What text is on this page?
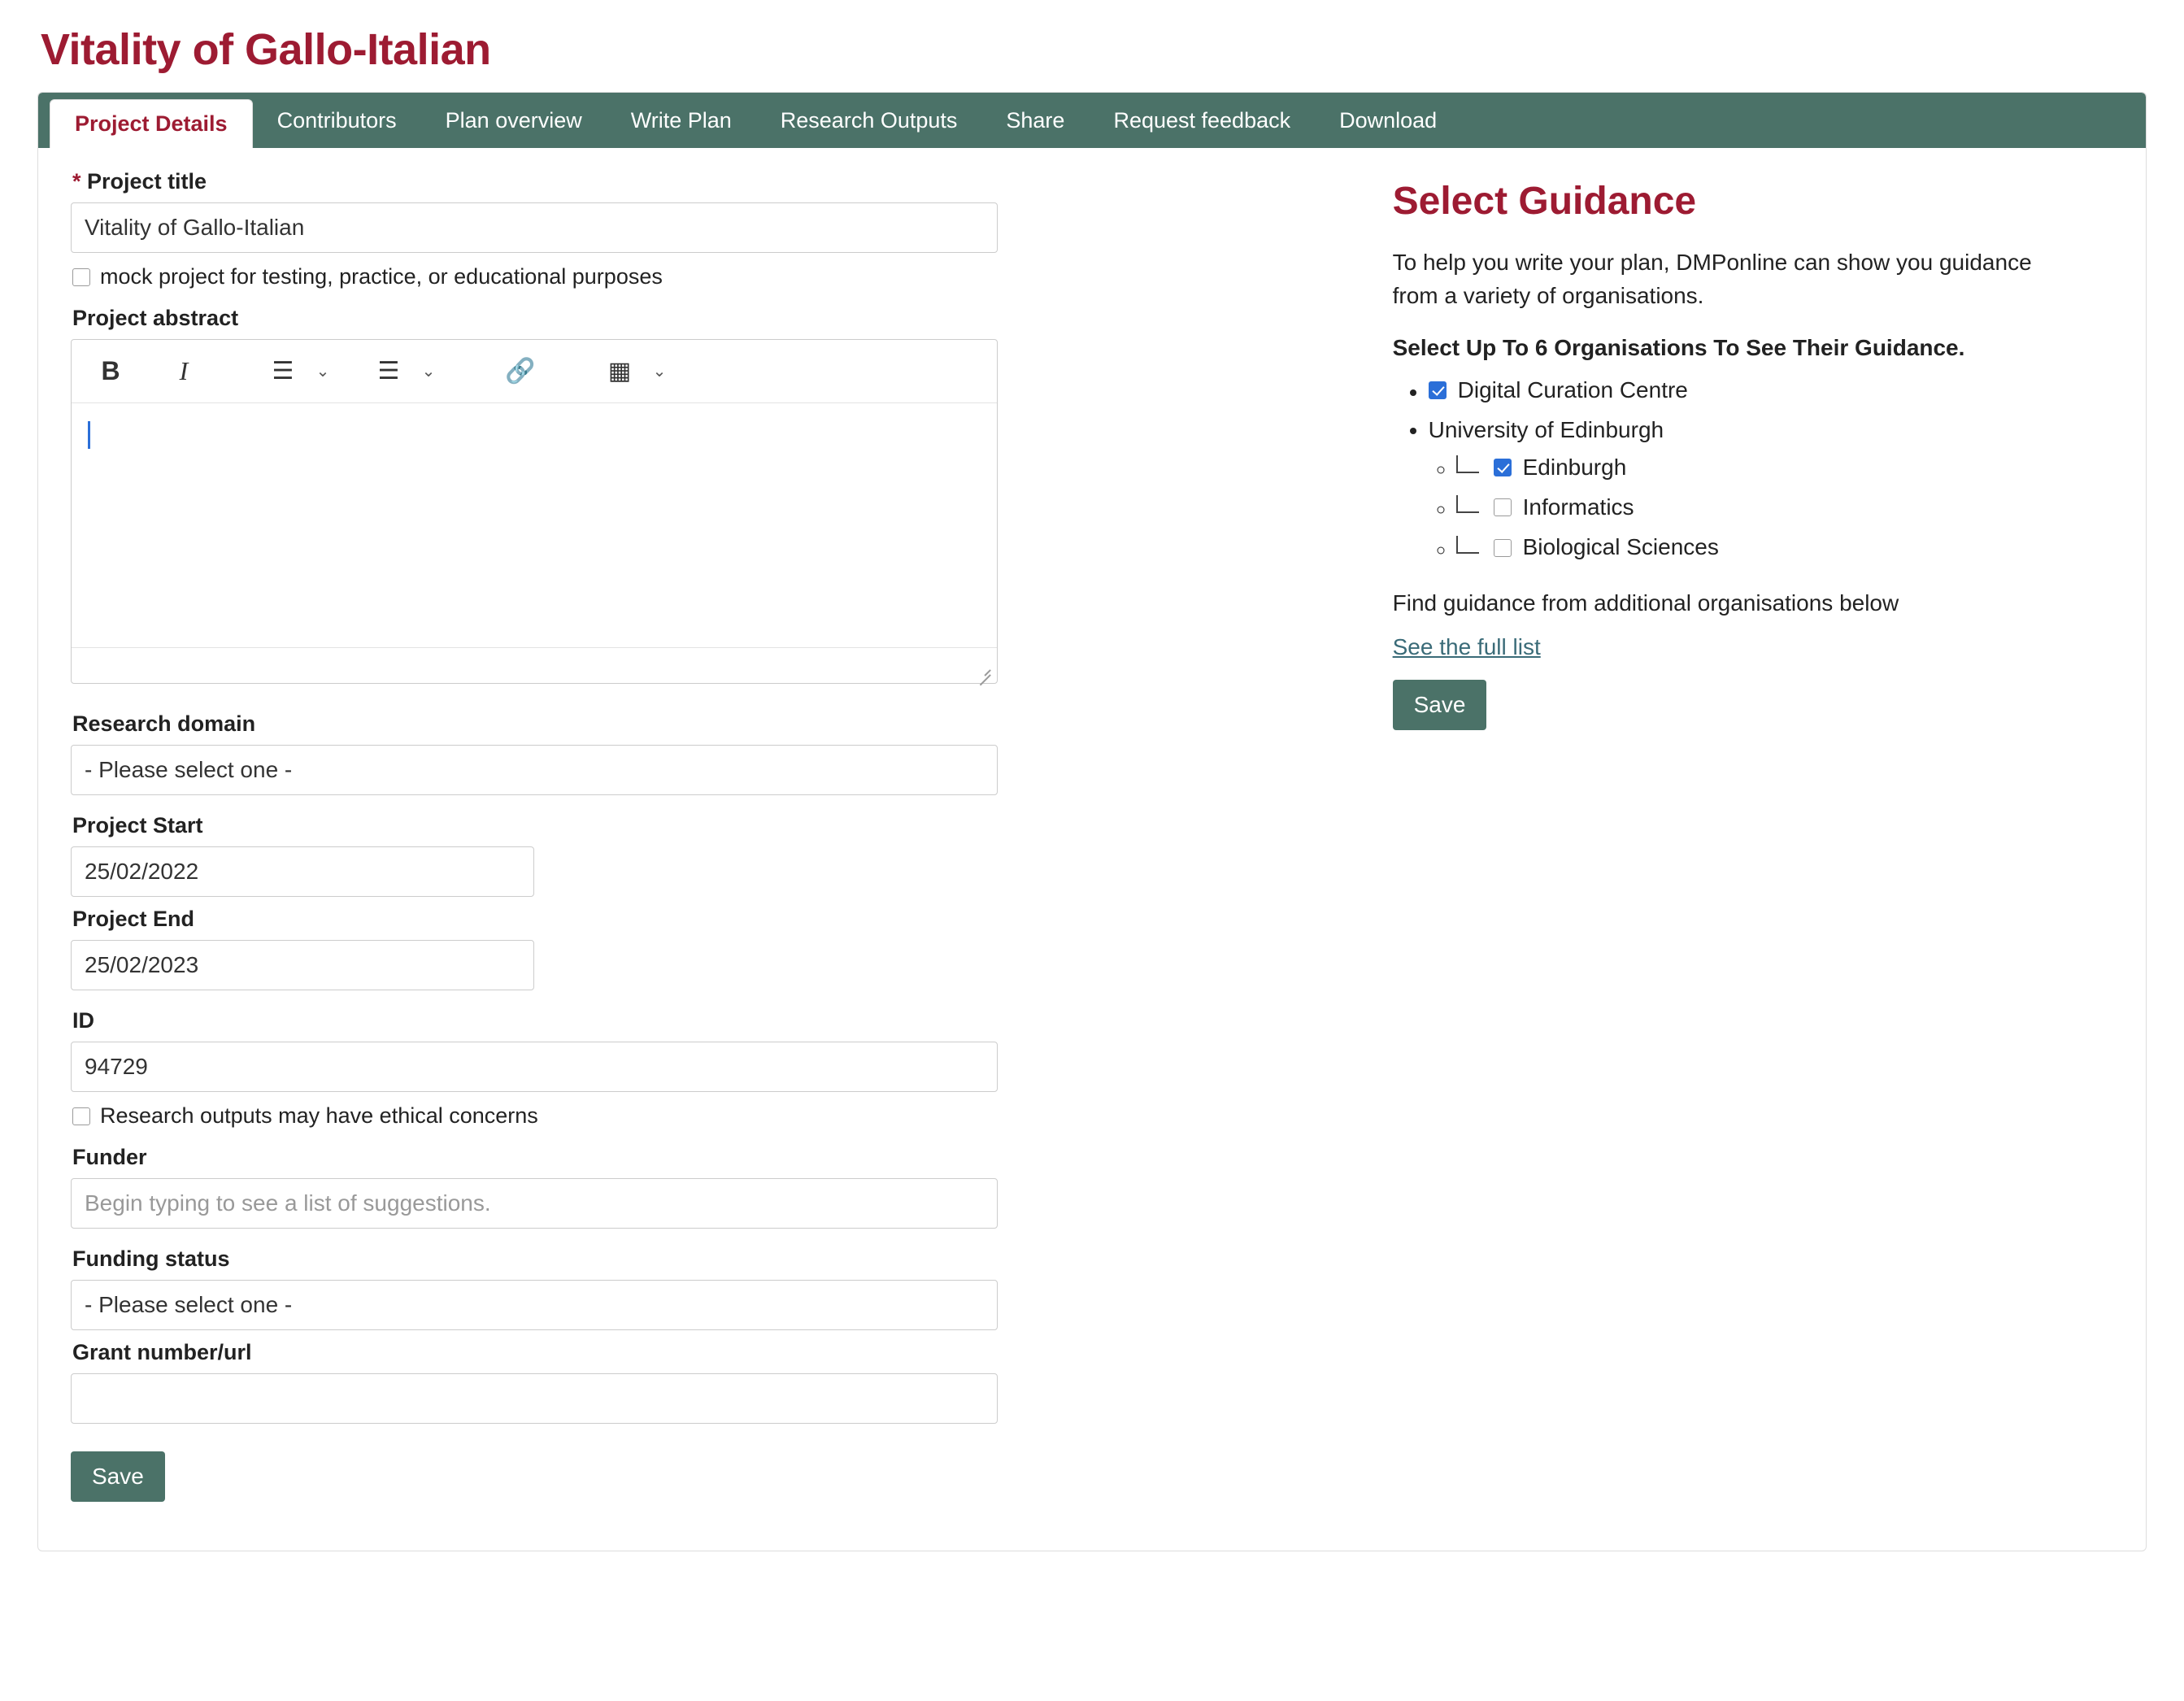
Vitality of Gallo-Italian
Project Details	Contributors	Plan overview	Write Plan	Research Outputs	Share	Request feedback	Download
* Project title
Vitality of Gallo-Italian
mock project for testing, practice, or educational purposes
Project abstract
B	I	☰	⌄	☰	⌄	🔗	▦	⌄
Research domain
- Please select one -
Project Start
25/02/2022
Project End
25/02/2023
ID
94729
Research outputs may have ethical concerns
Funder
Begin typing to see a list of suggestions.
Funding status
- Please select one -
Grant number/url
Save
Select Guidance

To help you write your plan, DMPonline can show you guidance from a variety of organisations.

Select Up To 6 Organisations To See Their Guidance.

• Digital Curation Centre
• University of Edinburgh
◦ Edinburgh
◦ Informatics
◦ Biological Sciences

Find guidance from additional organisations below

See the full list
Save
